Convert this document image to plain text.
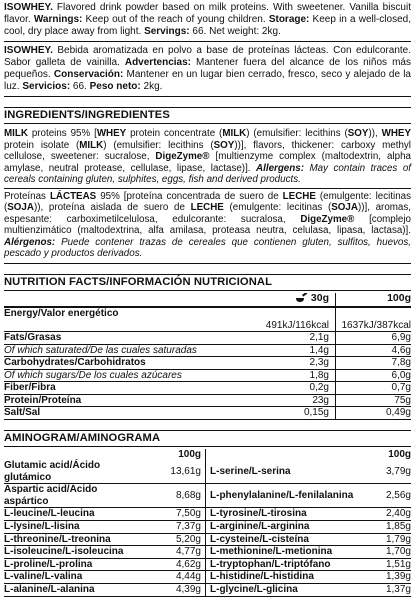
ISOWHEY. Flavored drink powder based on milk proteins. With sweetener. Vanilla biscuit flavor. Warnings: Keep out of the reach of young children. Storage: Keep in a well-closed, cool, dry place away from light. Servings: 66. Net weight: 2kg.

ISOWHEY. Bebida aromatizada en polvo a base de proteínas lácteas. Con edulcorante. Sabor galleta de vainilla. Advertencias: Mantener fuera del alcance de los niños más pequeños. Conservación: Mantener en un lugar bien cerrado, fresco, seco y alejado de la luz. Servicios: 66. Peso neto: 2kg.

INGREDIENTS/INGREDIENTES

MILK proteins 95% [WHEY protein concentrate (MILK) (emulsifier: lecithins (SOY)), WHEY protein isolate (MILK) (emulsifier: lecithins (SOY))], flavors, thickener: carboxy methyl cellulose, sweetener: sucralose, DigeZyme® [multienzyme complex (maltodextrin, alpha amylase, neutral protease, cellulase, lipase, lactase)]. Allergens: May contain traces of cereals containing gluten, sulphites, eggs, fish and derived products.

Proteínas LÁCTEAS 95% [proteína concentrada de suero de LECHE (emulgente: lecitinas (SOJA)), proteína aislada de suero de LECHE (emulgente: lecitinas (SOJA))], aromas, espesante: carboximetilcelulosa, edulcorante: sucralosa, DigeZyme® [complejo multienzimático (maltodextrina, alfa amilasa, proteasa neutra, celulasa, lipasa, lactasa)]. Alérgenos: Puede contener trazas de cereales que contienen gluten, sulfitos, huevos, pescado y productos derivados.

NUTRITION FACTS/INFORMACIÓN NUTRICIONAL
	30g	100g

Energy/Valor energético		
	491kJ/116kcal	1637kJ/387kcal
Fats/Grasas	2,1g	6,9g
Of which saturated/De las cuales saturadas	1,4g	4,6g
Carbohydrates/Carbohidratos	2,3g	7,8g
Of which sugars/De los cuales azúcares	1,8g	6,0g
Fiber/Fibra	0,2g	0,7g
Protein/Proteína	23g	75g
Salt/Sal	0,15g	0,49g
AMINOGRAM/AMINOGRAMA
	100g		100g
Glutamic acid/Ácido glutámico	13,61g	L-serine/L-serina	3,79g
Aspartic acid/Ácido aspártico	8,68g	L-phenylalanine/L-fenilalanina	2,56g
L-leucine/L-leucina	7,50g	L-tyrosine/L-tirosina	2,40g
L-lysine/L-lisina	7,37g	L-arginine/L-arginina	1,85g
L-threonine/L-treonina	5,20g	L-cysteine/L-cisteína	1,79g
L-isoleucine/L-isoleucina	4,77g	L-methionine/L-metionina	1,70g
L-proline/L-prolina	4,62g	L-tryptophan/L-triptófano	1,51g
L-valine/L-valina	4,44g	L-histidine/L-histidina	1,39g
L-alanine/L-alanina	4,39g	L-glycine/L-glicina	1,37g
